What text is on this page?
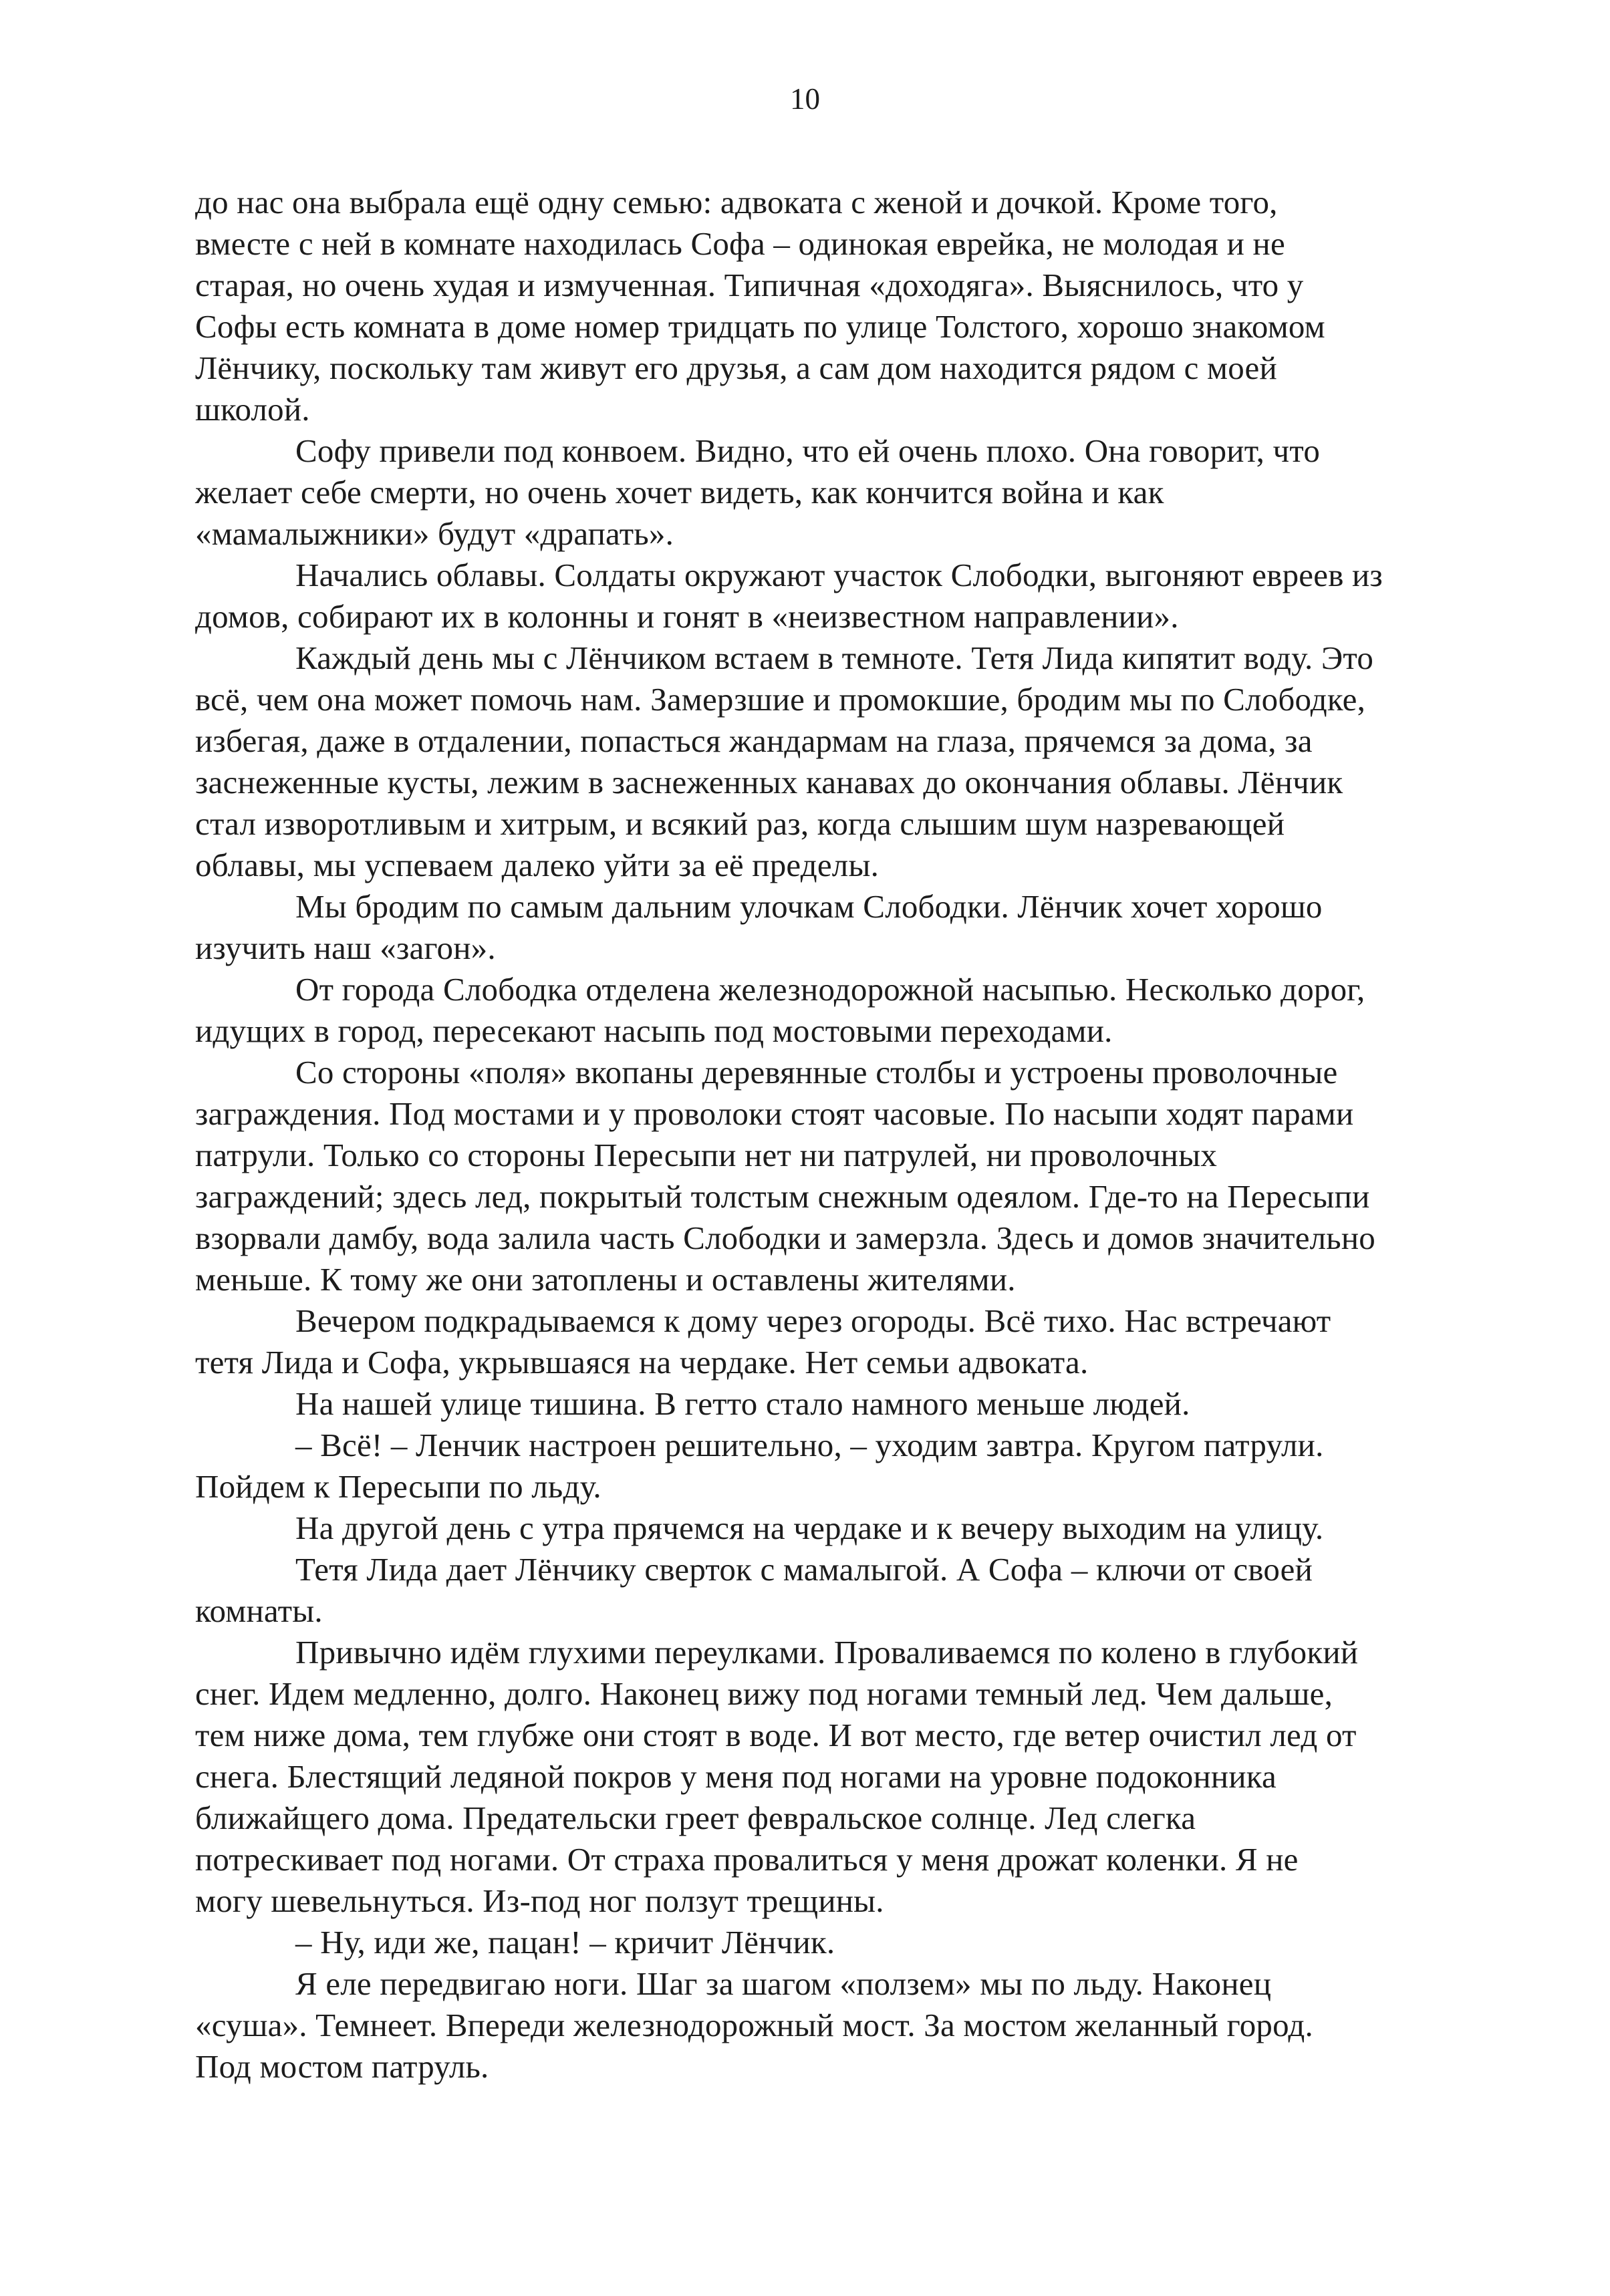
10

до нас она выбрала ещё одну семью: адвоката с женой и дочкой. Кроме того,
вместе с ней в комнате находилась Софа – одинокая еврейка, не молодая и не
старая, но очень худая и измученная. Типичная «доходяга». Выяснилось, что у
Софы есть комната в доме номер тридцать по улице Толстого, хорошо знакомом
Лёнчику, поскольку там живут его друзья, а сам дом находится рядом с моей
школой.

Софу привели под конвоем. Видно, что ей очень плохо. Она говорит, что
желает себе смерти, но очень хочет видеть, как кончится война и как
«мамалыжники» будут «драпать».

Начались облавы. Солдаты окружают участок Слободки, выгоняют евреев из
домов, собирают их в колонны и гонят в «неизвестном направлении».

Каждый день мы с Лёнчиком встаем в темноте. Тетя Лида кипятит воду. Это
всё, чем она может помочь нам. Замерзшие и промокшие, бродим мы по Слободке,
избегая, даже в отдалении, попасться жандармам на глаза, прячемся за дома, за
заснеженные кусты, лежим в заснеженных канавах до окончания облавы. Лёнчик
стал изворотливым и хитрым, и всякий раз, когда слышим шум назревающей
облавы, мы успеваем далеко уйти за её пределы.

Мы бродим по самым дальним улочкам Слободки. Лёнчик хочет хорошо
изучить наш «загон».

От города Слободка отделена железнодорожной насыпью. Несколько дорог,
идущих в город, пересекают насыпь под мостовыми переходами.

Со стороны «поля» вкопаны деревянные столбы и устроены проволочные
заграждения. Под мостами и у проволоки стоят часовые. По насыпи ходят парами
патрули. Только со стороны Пересыпи нет ни патрулей, ни проволочных
заграждений; здесь лед, покрытый толстым снежным одеялом. Где-то на Пересыпи
взорвали дамбу, вода залила часть Слободки и замерзла. Здесь и домов значительно
меньше. К тому же они затоплены и оставлены жителями.

Вечером подкрадываемся к дому через огороды. Всё тихо. Нас встречают
тетя Лида и Софа, укрывшаяся на чердаке. Нет семьи адвоката.

На нашей улице тишина. В гетто стало намного меньше людей.

– Всё! – Ленчик настроен решительно, – уходим завтра. Кругом патрули.
Пойдем к Пересыпи по льду.

На другой день с утра прячемся на чердаке и к вечеру выходим на улицу.

Тетя Лида дает Лёнчику сверток с мамалыгой. А Софа – ключи от своей
комнаты.

Привычно идём глухими переулками. Проваливаемся по колено в глубокий
снег. Идем медленно, долго. Наконец вижу под ногами темный лед. Чем дальше,
тем ниже дома, тем глубже они стоят в воде. И вот место, где ветер очистил лед от
снега. Блестящий ледяной покров у меня под ногами на уровне подоконника
ближайщего дома. Предательски греет февральское солнце. Лед слегка
потрескивает под ногами. От страха провалиться у меня дрожат коленки. Я не
могу шевельнуться. Из-под ног ползут трещины.

– Ну, иди же, пацан! – кричит Лёнчик.

Я еле передвигаю ноги. Шаг за шагом «ползем» мы по льду. Наконец
«суша». Темнеет. Впереди железнодорожный мост. За мостом желанный город.
Под мостом патруль.
